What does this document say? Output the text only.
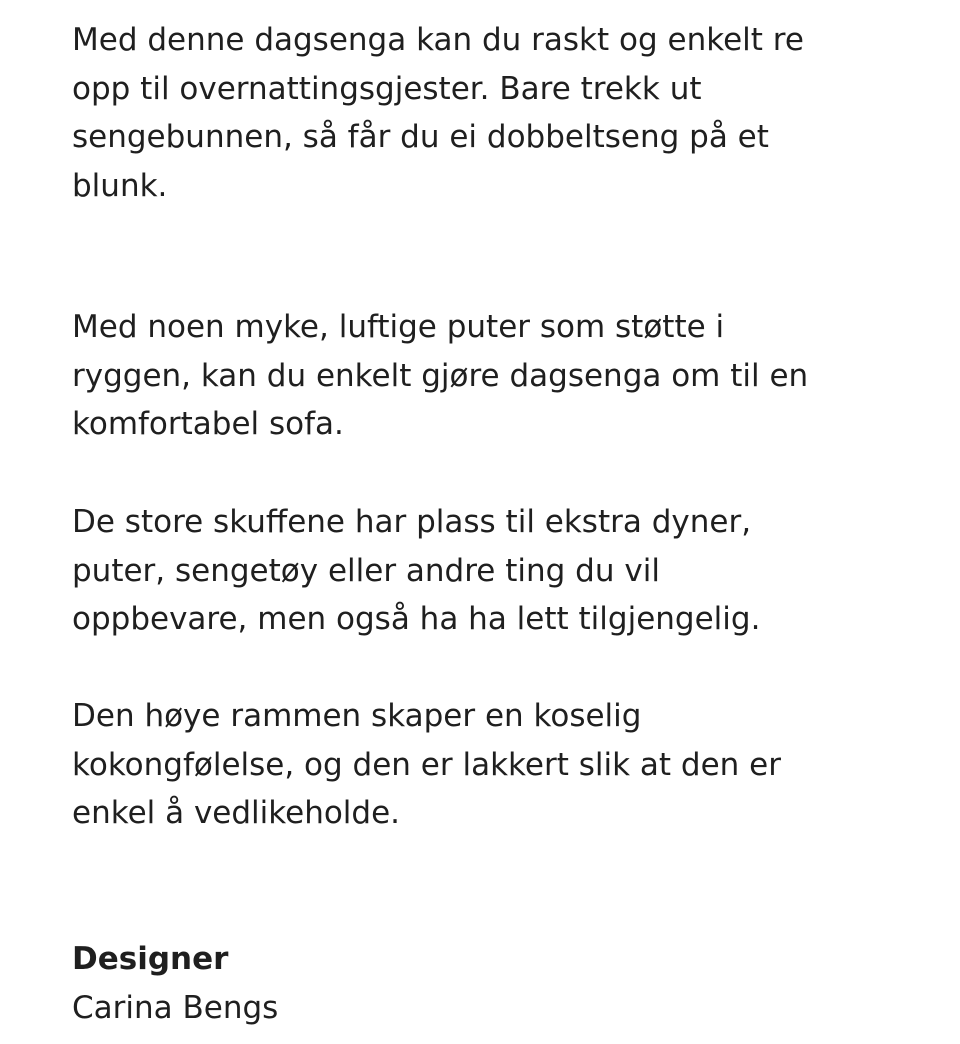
Med denne dagsenga kan du raskt og enkelt re
opp til overnattingsgjester. Bare trekk ut
sengebunnen, så får du ei dobbeltseng på et
blunk.
Med noen myke, luftige puter som støtte i
ryggen, kan du enkelt gjøre dagsenga om til en
komfortabel sofa.
De store skuffene har plass til ekstra dyner,
puter, sengetøy eller andre ting du vil
oppbevare, men også ha ha lett tilgjengelig.
Den høye rammen skaper en koselig
kokongfølelse, og den er lakkert slik at den er
enkel å vedlikeholde.
Designer
Carina Bengs
